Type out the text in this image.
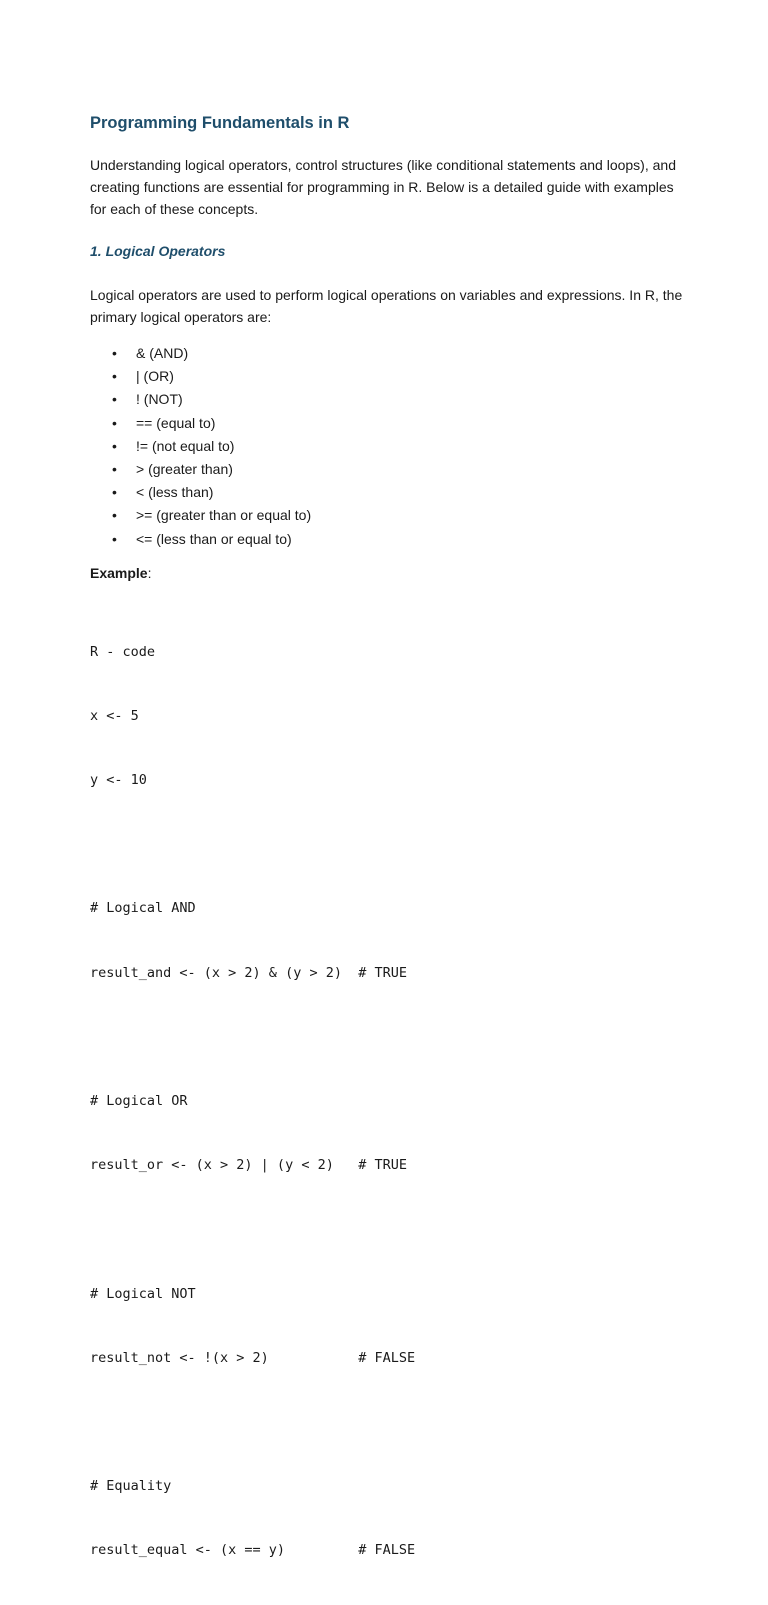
Programming Fundamentals in R

Understanding logical operators, control structures (like conditional statements and loops), and creating functions are essential for programming in R. Below is a detailed guide with examples for each of these concepts.

1. Logical Operators

Logical operators are used to perform logical operations on variables and expressions. In R, the primary logical operators are:

• & (AND)
• | (OR)
• ! (NOT)
• == (equal to)
• != (not equal to)
• > (greater than)
• < (less than)
• >= (greater than or equal to)
• <= (less than or equal to)

Example:

R - code

x <- 5

y <- 10

# Logical AND

result_and <- (x > 2) & (y > 2)  # TRUE

# Logical OR

result_or <- (x > 2) | (y < 2)   # TRUE

# Logical NOT

result_not <- !(x > 2)           # FALSE

# Equality

result_equal <- (x == y)         # FALSE
